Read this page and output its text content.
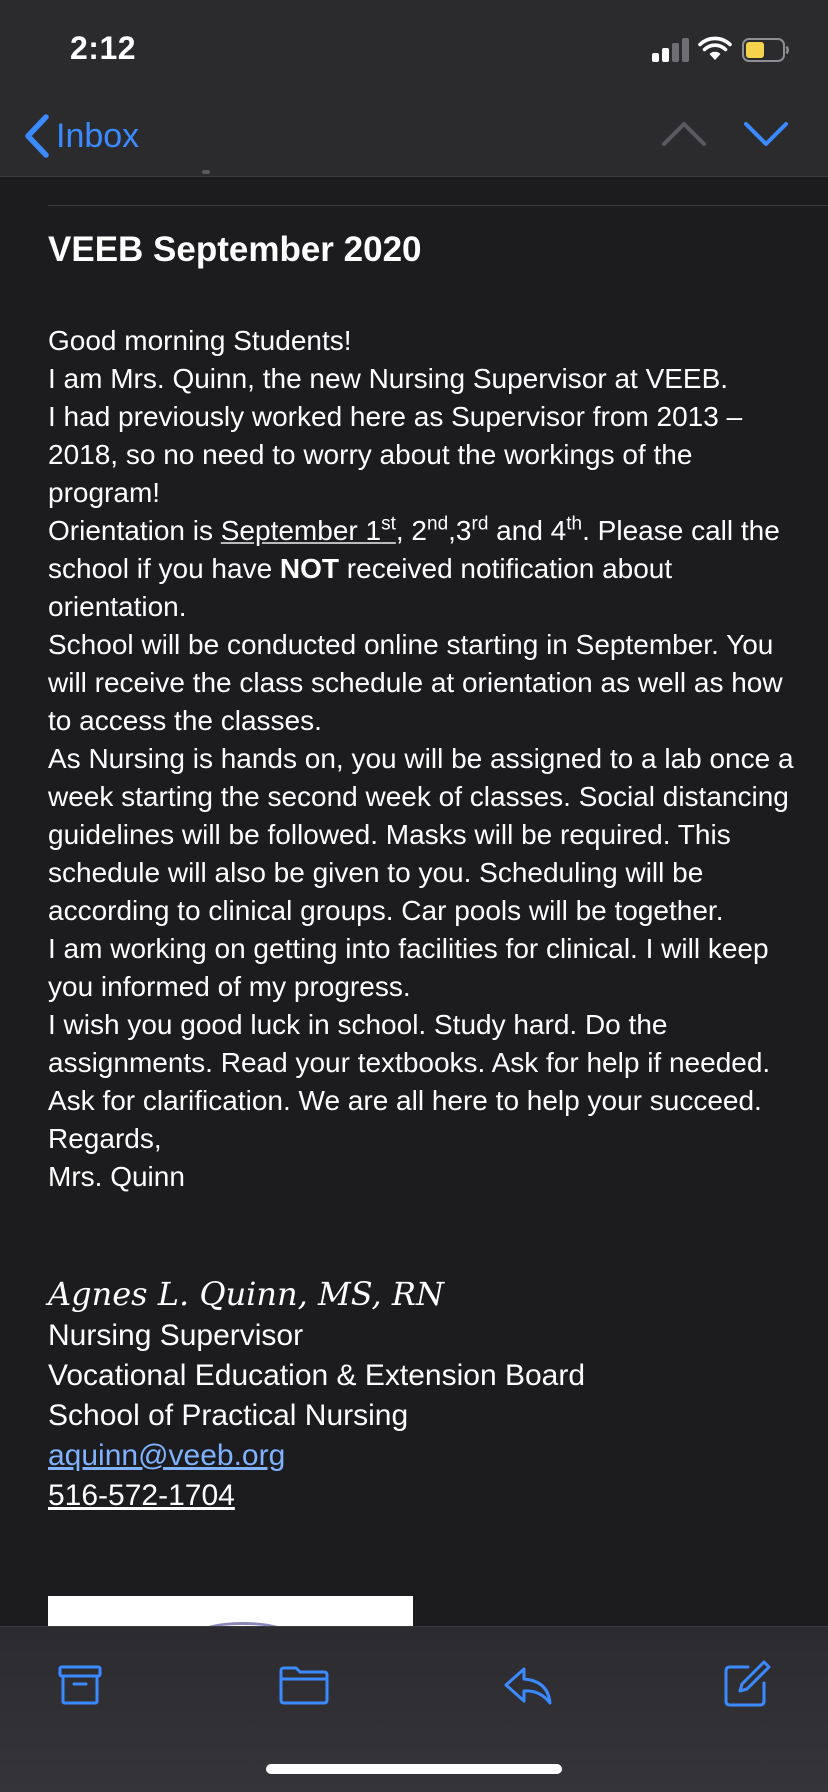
2:12
Inbox
VEEB September 2020

Good morning Students!

I am Mrs. Quinn, the new Nursing Supervisor at VEEB.

I had previously worked here as Supervisor from 2013 – 2018, so no need to worry about the workings of the program!

Orientation is September 1st, 2nd,3rd and 4th. Please call the school if you have NOT received notification about orientation.

School will be conducted online starting in September. You will receive the class schedule at orientation as well as how to access the classes.

As Nursing is hands on, you will be assigned to a lab once a week starting the second week of classes. Social distancing guidelines will be followed. Masks will be required. This schedule will also be given to you. Scheduling will be according to clinical groups. Car pools will be together.

I am working on getting into facilities for clinical. I will keep you informed of my progress.

I wish you good luck in school. Study hard. Do the assignments. Read your textbooks. Ask for help if needed. Ask for clarification. We are all here to help your succeed.

Regards,

Mrs. Quinn

Agnes L. Quinn, MS, RN

Nursing Supervisor

Vocational Education & Extension Board

School of Practical Nursing

aquinn@veeb.org
516-572-1704
